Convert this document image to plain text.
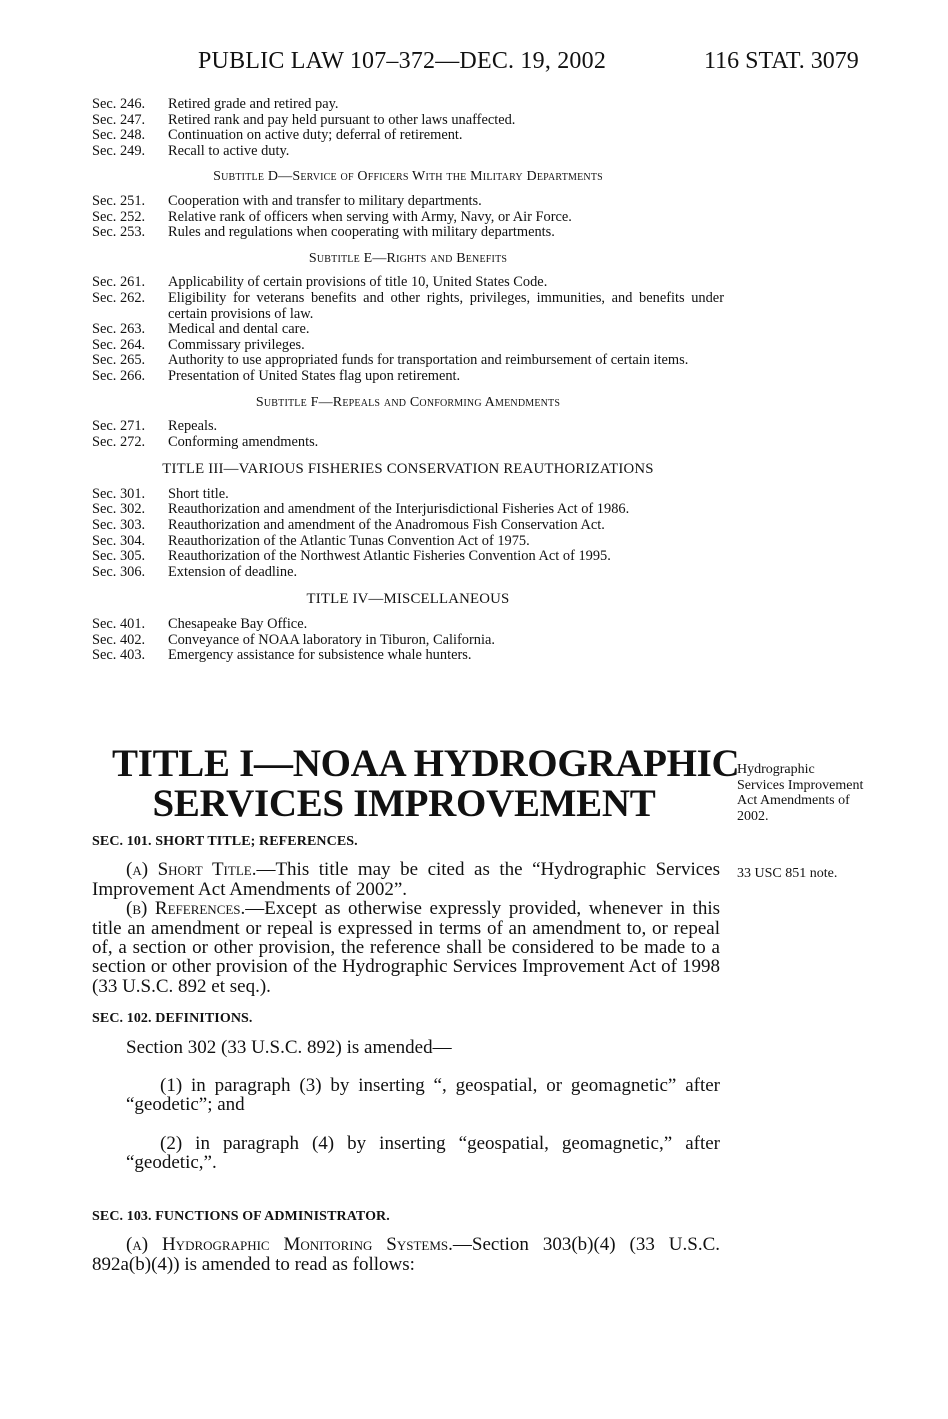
PUBLIC LAW 107–372—DEC. 19, 2002	116 STAT. 3079
Sec. 246.	Retired grade and retired pay.
Sec. 247.	Retired rank and pay held pursuant to other laws unaffected.
Sec. 248.	Continuation on active duty; deferral of retirement.
Sec. 249.	Recall to active duty.
Subtitle D—Service of Officers With the Military Departments
Sec. 251.	Cooperation with and transfer to military departments.
Sec. 252.	Relative rank of officers when serving with Army, Navy, or Air Force.
Sec. 253.	Rules and regulations when cooperating with military departments.
Subtitle E—Rights and Benefits
Sec. 261.	Applicability of certain provisions of title 10, United States Code.
Sec. 262.	Eligibility for veterans benefits and other rights, privileges, immunities, and benefits under certain provisions of law.
Sec. 263.	Medical and dental care.
Sec. 264.	Commissary privileges.
Sec. 265.	Authority to use appropriated funds for transportation and reimbursement of certain items.
Sec. 266.	Presentation of United States flag upon retirement.
Subtitle F—Repeals and Conforming Amendments
Sec. 271.	Repeals.
Sec. 272.	Conforming amendments.
TITLE III—VARIOUS FISHERIES CONSERVATION REAUTHORIZATIONS
Sec. 301.	Short title.
Sec. 302.	Reauthorization and amendment of the Interjurisdictional Fisheries Act of 1986.
Sec. 303.	Reauthorization and amendment of the Anadromous Fish Conservation Act.
Sec. 304.	Reauthorization of the Atlantic Tunas Convention Act of 1975.
Sec. 305.	Reauthorization of the Northwest Atlantic Fisheries Convention Act of 1995.
Sec. 306.	Extension of deadline.
TITLE IV—MISCELLANEOUS
Sec. 401.	Chesapeake Bay Office.
Sec. 402.	Conveyance of NOAA laboratory in Tiburon, California.
Sec. 403.	Emergency assistance for subsistence whale hunters.
TITLE I—NOAA HYDROGRAPHIC
SERVICES IMPROVEMENT
Hydrographic Services Improvement Act Amendments of 2002.
33 USC 851 note.
SEC. 101. SHORT TITLE; REFERENCES.

(a) Short Title.—This title may be cited as the “Hydrographic Services Improvement Act Amendments of 2002”.

(b) References.—Except as otherwise expressly provided, whenever in this title an amendment or repeal is expressed in terms of an amendment to, or repeal of, a section or other provision, the reference shall be considered to be made to a section or other provision of the Hydrographic Services Improvement Act of 1998 (33 U.S.C. 892 et seq.).

SEC. 102. DEFINITIONS.

Section 302 (33 U.S.C. 892) is amended—

(1) in paragraph (3) by inserting “, geospatial, or geomagnetic” after “geodetic”; and

(2) in paragraph (4) by inserting “geospatial, geomagnetic,” after “geodetic,”.

SEC. 103. FUNCTIONS OF ADMINISTRATOR.

(a) Hydrographic Monitoring Systems.—Section 303(b)(4) (33 U.S.C. 892a(b)(4)) is amended to read as follows:
